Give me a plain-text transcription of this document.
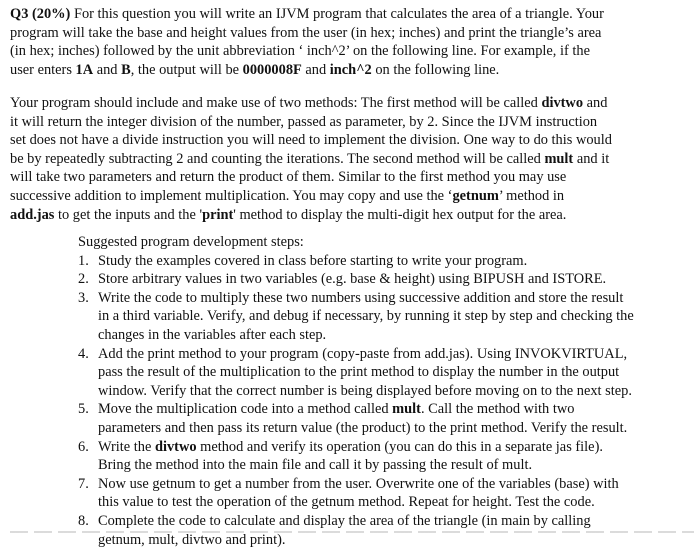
Q3 (20%) For this question you will write an IJVM program that calculates the area of a triangle. Your
program will take the base and height values from the user (in hex; inches) and print the triangle’s area
(in hex; inches) followed by the unit abbreviation ‘ inch^2’ on the following line. For example, if the
user enters 1A and B, the output will be 0000008F and inch^2 on the following line.
Your program should include and make use of two methods: The first method will be called divtwo and
it will return the integer division of the number, passed as parameter, by 2. Since the IJVM instruction
set does not have a divide instruction you will need to implement the division. One way to do this would
be by repeatedly subtracting 2 and counting the iterations. The second method will be called mult and it
will take two parameters and return the product of them. Similar to the first method you may use
successive addition to implement multiplication. You may copy and use the ‘getnum’ method in
add.jas to get the inputs and the 'print' method to display the multi-digit hex output for the area.
Suggested program development steps:
1. Study the examples covered in class before starting to write your program.
2. Store arbitrary values in two variables (e.g. base & height) using BIPUSH and ISTORE.
3. Write the code to multiply these two numbers using successive addition and store the result
in a third variable. Verify, and debug if necessary, by running it step by step and checking the
changes in the variables after each step.
4. Add the print method to your program (copy-paste from add.jas). Using INVOKVIRTUAL,
pass the result of the multiplication to the print method to display the number in the output
window. Verify that the correct number is being displayed before moving on to the next step.
5. Move the multiplication code into a method called mult. Call the method with two
parameters and then pass its return value (the product) to the print method. Verify the result.
6. Write the divtwo method and verify its operation (you can do this in a separate jas file).
Bring the method into the main file and call it by passing the result of mult.
7. Now use getnum to get a number from the user. Overwrite one of the variables (base) with
this value to test the operation of the getnum method. Repeat for height. Test the code.
8. Complete the code to calculate and display the area of the triangle (in main by calling
getnum, mult, divtwo and print).
